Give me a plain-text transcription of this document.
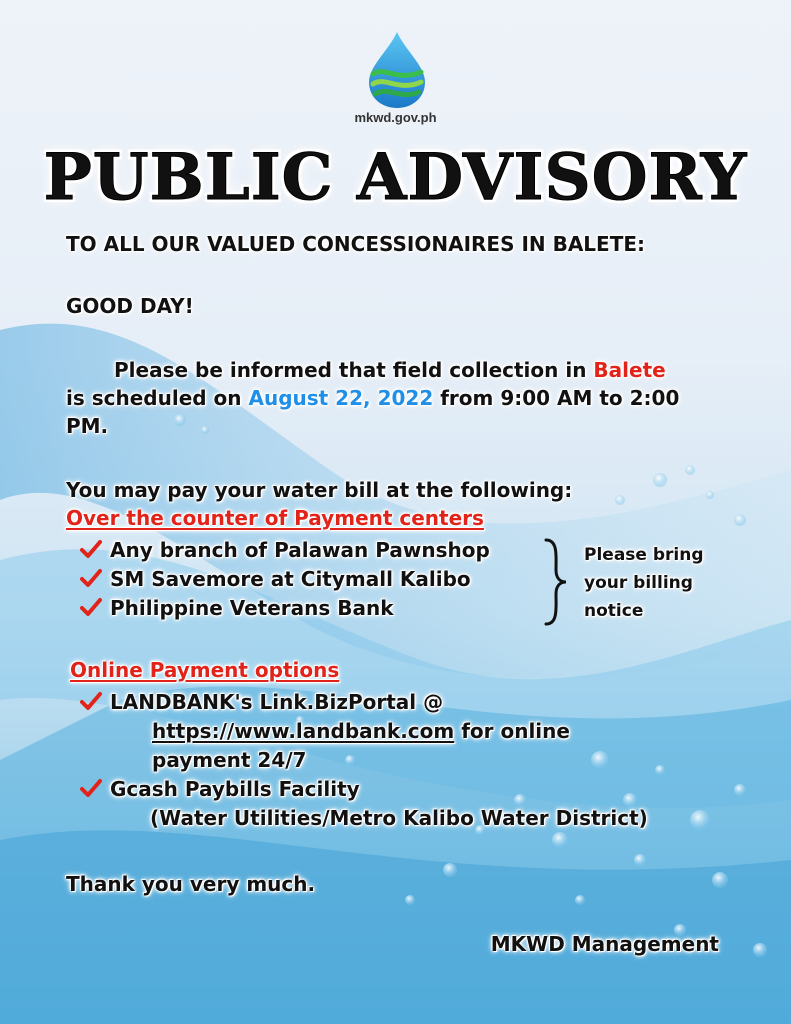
mkwd.gov.ph
PUBLIC ADVISORY
TO ALL OUR VALUED CONCESSIONAIRES IN BALETE:
GOOD DAY!
Please be informed that field collection in Balete
is scheduled on August 22, 2022 from 9:00 AM to 2:00
PM.
You may pay your water bill at the following:
Over the counter of Payment centers
Any branch of Palawan Pawnshop
SM Savemore at Citymall Kalibo
Philippine Veterans Bank
Please bring
your billing
notice
Online Payment options
LANDBANK's Link.BizPortal @
https://www.landbank.com for online
payment 24/7
Gcash Paybills Facility
(Water Utilities/Metro Kalibo Water District)
Thank you very much.
MKWD Management
